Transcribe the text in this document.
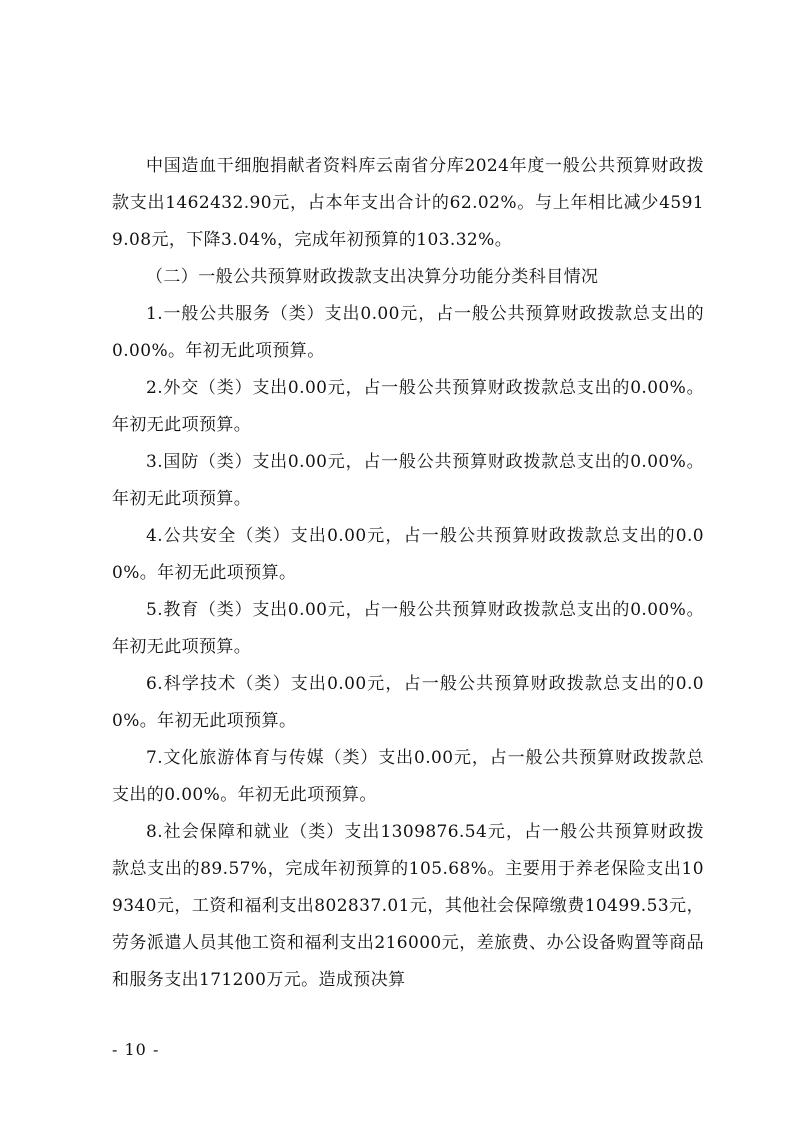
中国造血干细胞捐献者资料库云南省分库2024年度一般公共预算财政拨款支出1462432.90元，占本年支出合计的62.02%。与上年相比减少45919.08元，下降3.04%，完成年初预算的103.32%。

（二）一般公共预算财政拨款支出决算分功能分类科目情况

1.一般公共服务（类）支出0.00元，占一般公共预算财政拨款总支出的0.00%。年初无此项预算。

2.外交（类）支出0.00元，占一般公共预算财政拨款总支出的0.00%。年初无此项预算。

3.国防（类）支出0.00元，占一般公共预算财政拨款总支出的0.00%。年初无此项预算。

4.公共安全（类）支出0.00元，占一般公共预算财政拨款总支出的0.00%。年初无此项预算。

5.教育（类）支出0.00元，占一般公共预算财政拨款总支出的0.00%。年初无此项预算。

6.科学技术（类）支出0.00元，占一般公共预算财政拨款总支出的0.00%。年初无此项预算。

7.文化旅游体育与传媒（类）支出0.00元，占一般公共预算财政拨款总支出的0.00%。年初无此项预算。

8.社会保障和就业（类）支出1309876.54元，占一般公共预算财政拨款总支出的89.57%，完成年初预算的105.68%。主要用于养老保险支出109340元，工资和福利支出802837.01元，其他社会保障缴费10499.53元，劳务派遣人员其他工资和福利支出216000元，差旅费、办公设备购置等商品和服务支出171200万元。造成预决算

- 10 -
